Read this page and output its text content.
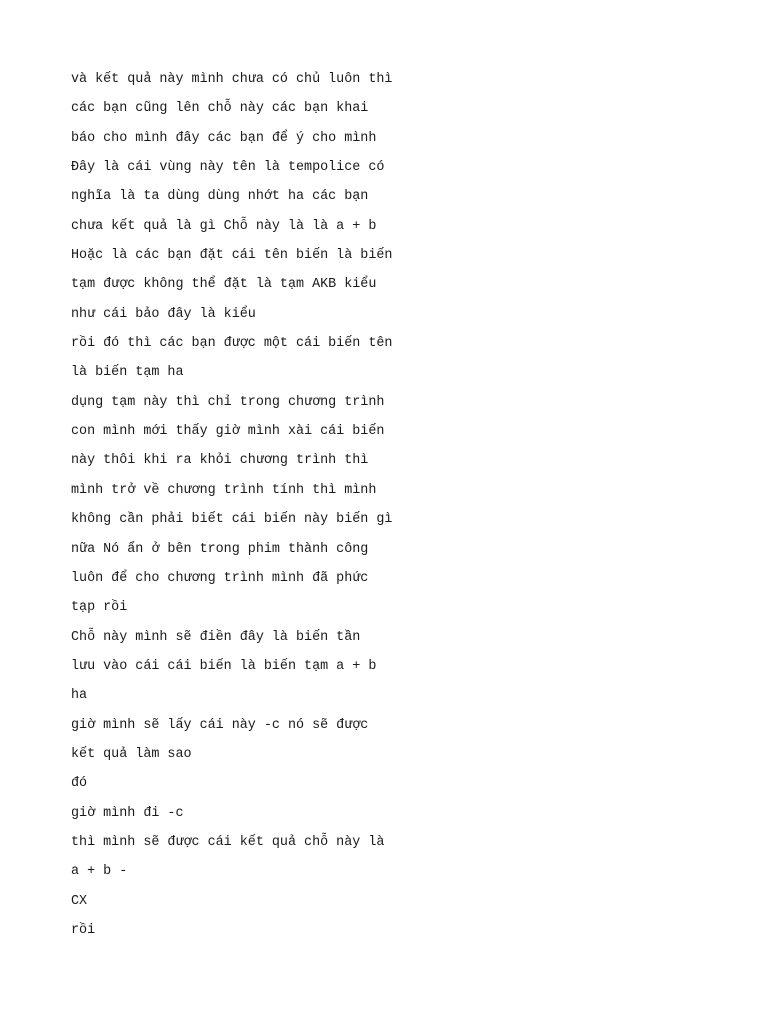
và kết quả này mình chưa có chủ luôn thì
các bạn cũng lên chỗ này các bạn khai
báo cho mình đây các bạn để ý cho mình
Đây là cái vùng này tên là tempolice có
nghĩa là ta dùng dùng nhớt ha các bạn
chưa kết quả là gì Chỗ này là là a + b
Hoặc là các bạn đặt cái tên biến là biến
tạm được không thể đặt là tạm AKB kiểu
như cái bảo đây là kiểu
rồi đó thì các bạn được một cái biến tên
là biến tạm ha
dụng tạm này thì chỉ trong chương trình
con mình mới thấy giờ mình xài cái biến
này thôi khi ra khỏi chương trình thì
mình trở về chương trình tính thì mình
không cần phải biết cái biến này biến gì
nữa Nó ẩn ở bên trong phim thành công
luôn để cho chương trình mình đã phức
tạp rồi
Chỗ này mình sẽ điền đây là biến tần
lưu vào cái cái biến là biến tạm a + b
ha
giờ mình sẽ lấy cái này -c nó sẽ được
kết quả làm sao
đó
giờ mình đi -c
thì mình sẽ được cái kết quả chỗ này là
a + b -
CX
rồi
